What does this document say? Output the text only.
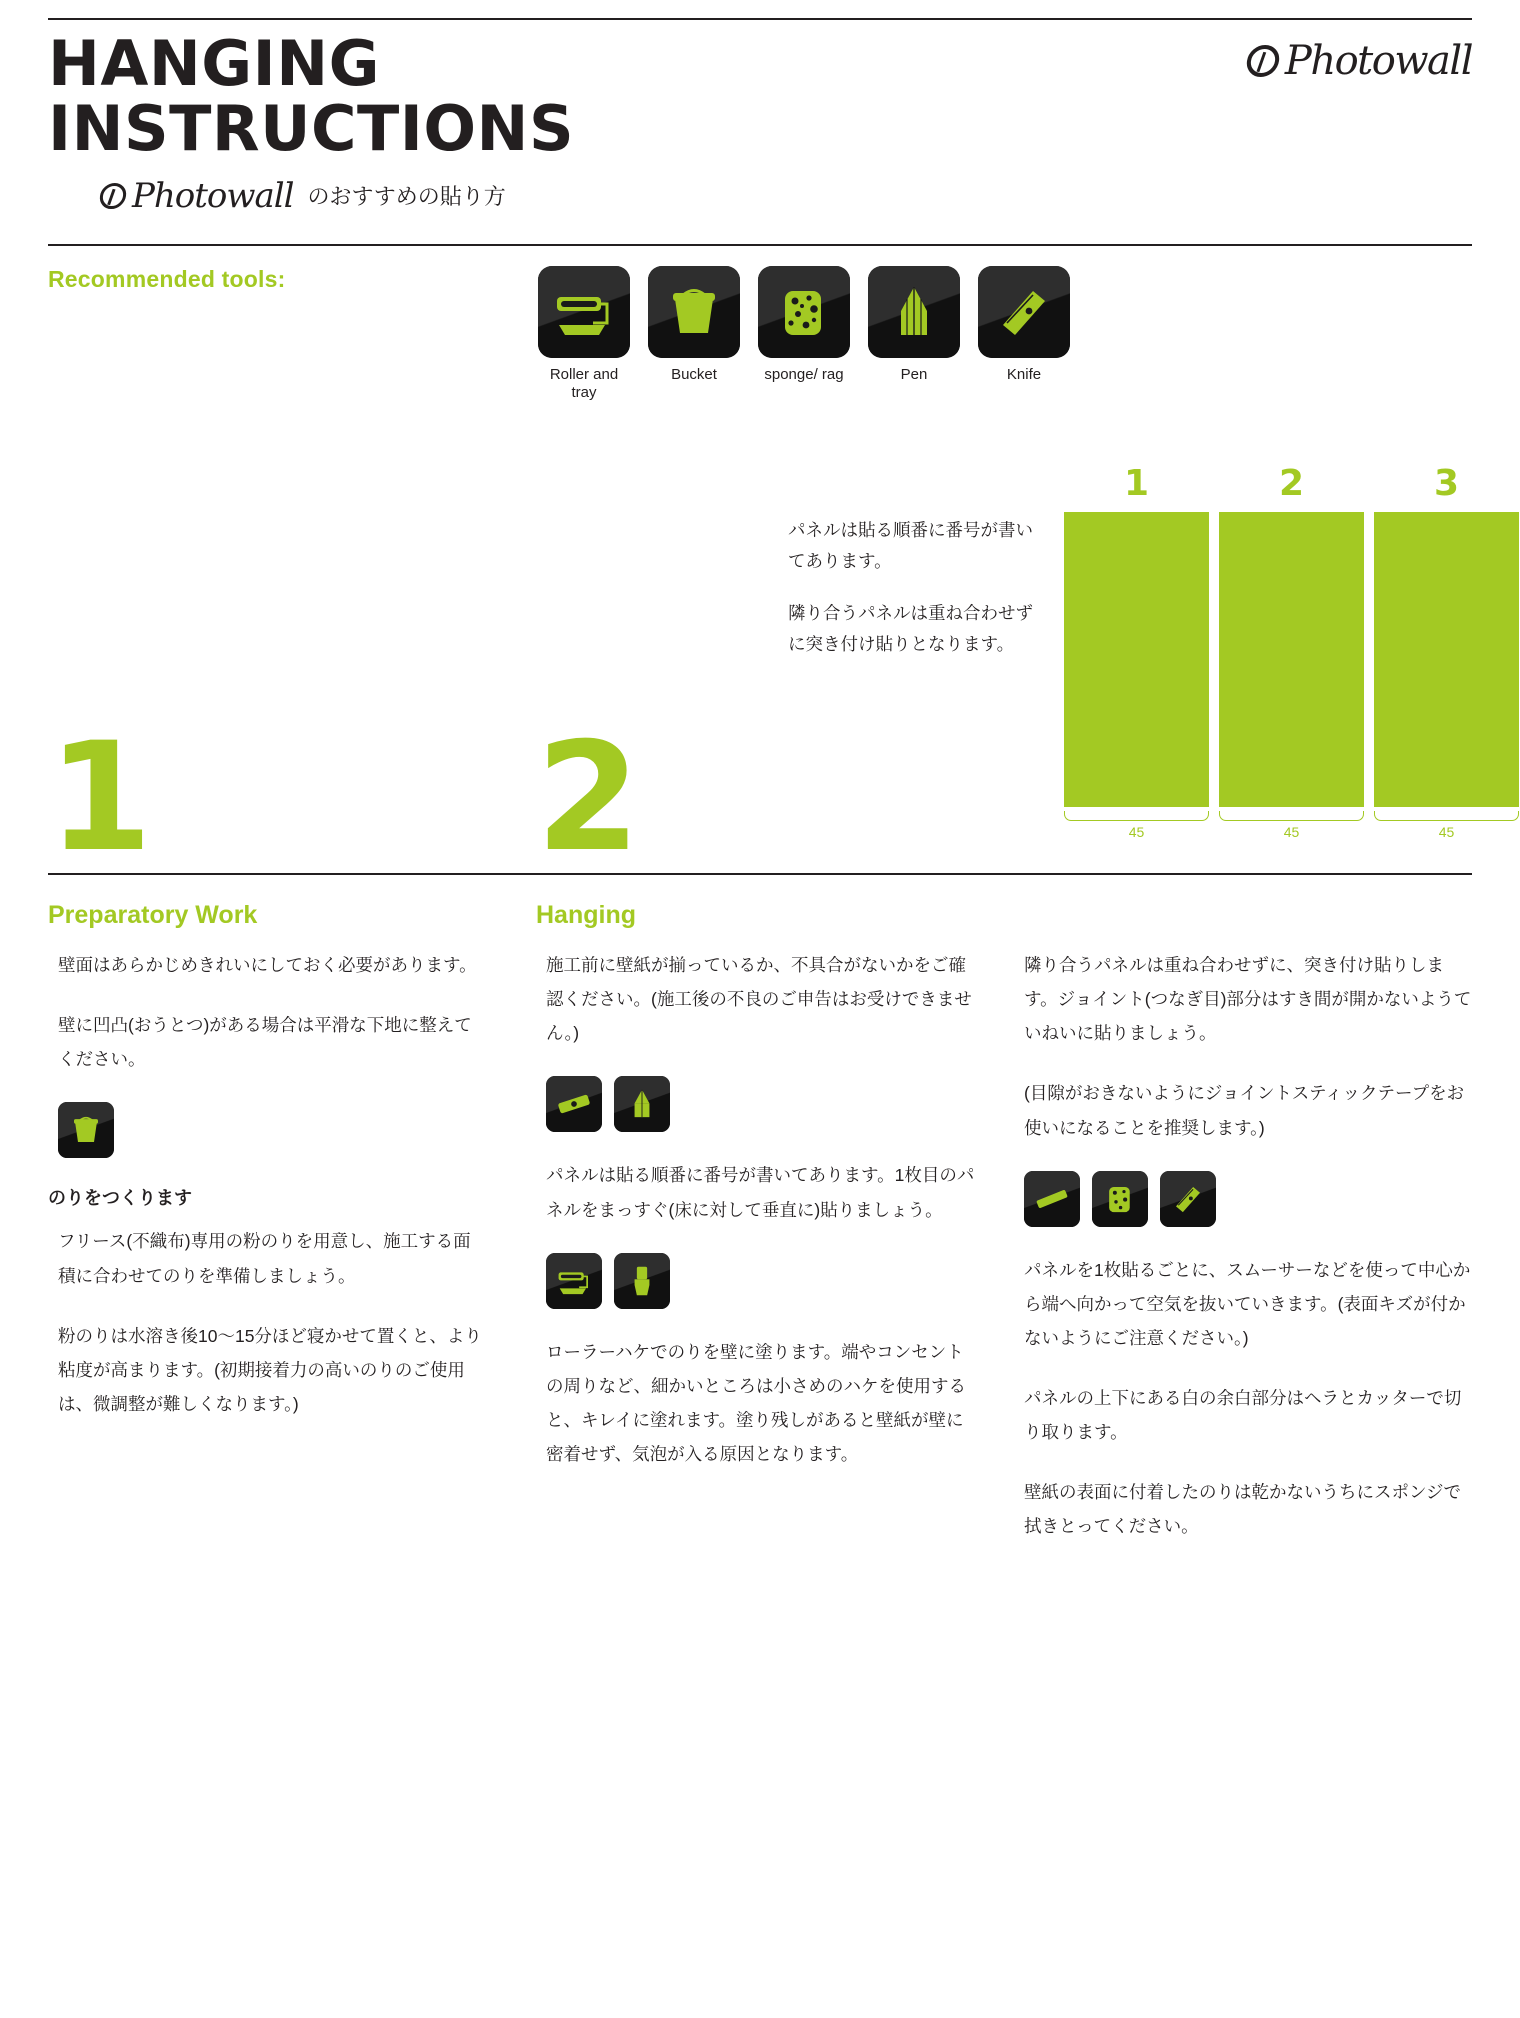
Photowall
HANGING
INSTRUCTIONS
Photowall のおすすめの貼り方
Recommended tools:
Roller and tray
Bucket	sponge/ rag	Pen	Knife
1	2

パネルは貼る順番に番号が書いてあります。

隣り合うパネルは重ね合わせずに突き付け貼りとなります。

1	2	3
45	45	45
Preparatory Work

壁面はあらかじめきれいにしておく必要があります。

壁に凹凸(おうとつ)がある場合は平滑な下地に整えてください。

のりをつくります

フリース(不織布)専用の粉のりを用意し、施工する面積に合わせてのりを準備しましょう。

粉のりは水溶き後10〜15分ほど寝かせて置くと、より粘度が高まります。(初期接着力の高いのりのご使用は、微調整が難しくなります。)

Hanging

施工前に壁紙が揃っているか、不具合がないかをご確認ください。(施工後の不良のご申告はお受けできません。)

パネルは貼る順番に番号が書いてあります。1枚目のパネルをまっすぐ(床に対して垂直に)貼りましょう。

ローラーハケでのりを壁に塗ります。端やコンセントの周りなど、細かいところは小さめのハケを使用すると、キレイに塗れます。塗り残しがあると壁紙が壁に密着せず、気泡が入る原因となります。

隣り合うパネルは重ね合わせずに、突き付け貼りします。ジョイント(つなぎ目)部分はすき間が開かないようていねいに貼りましょう。

(目隙がおきないようにジョイントスティックテープをお使いになることを推奨します。)

パネルを1枚貼るごとに、スムーサーなどを使って中心から端へ向かって空気を抜いていきます。(表面キズが付かないようにご注意ください。)

パネルの上下にある白の余白部分はヘラとカッターで切り取ります。

壁紙の表面に付着したのりは乾かないうちにスポンジで拭きとってください。
